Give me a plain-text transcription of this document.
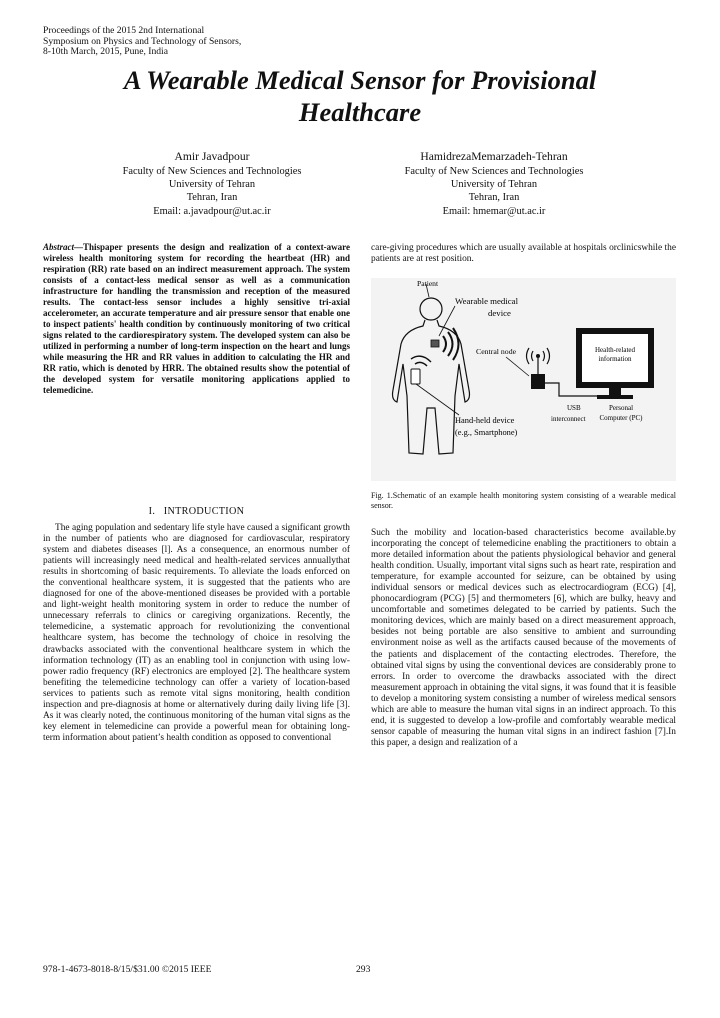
Proceedings of the 2015 2nd International
Symposium on Physics and Technology of Sensors,
8-10th March, 2015, Pune, India
A Wearable Medical Sensor for Provisional
Healthcare
Amir Javadpour
Faculty of New Sciences and Technologies
University of Tehran
Tehran, Iran
Email: a.javadpour@ut.ac.ir
HamidrezaMemarzadeh-Tehran
Faculty of New Sciences and Technologies
University of Tehran
Tehran, Iran
Email: hmemar@ut.ac.ir
Abstract—Thispaper presents the design and realization of a context-aware wireless health monitoring system for recording the heartbeat (HR) and respiration (RR) rate based on an indirect measurement approach. The system consists of a contact-less medical sensor as well as a communication infrastructure for handling the transmission and reception of the measured results. The contact-less sensor includes a highly sensitive tri-axial accelerometer, an accurate temperature and air pressure sensor that enable one to inspect patients' health condition by continuously monitoring of two critical signs related to the cardiorespiratory system. The developed system can also be utilized in performing a number of long-term inspection on the heart and lungs while measuring the HR and RR values in addition to calculating the HR and RR ratio, which is denoted by HRR. The obtained results show the potential of the developed system for versatile monitoring applications applied to telemedicine.
I. INTRODUCTION
The aging population and sedentary life style have caused a significant growth in the number of patients who are diagnosed for cardiovascular, respiratory system and diabetes diseases [l]. As a consequence, an enormous number of patients will increasingly need medical and health-related services annuallythat results in shortcoming of basic requirements. To alleviate the loads enforced on the conventional healthcare system, it is suggested that the patients who are diagnosed for one of the above-mentioned diseases be provided with a portable and light-weight health monitoring system in order to reduce the number of unnecessary referrals to clinics or caregiving organizations. Recently, the telemedicine, a systematic approach for revolutionizing the conventional healthcare system, has become the technology of choice in resolving the drawbacks associated with the conventional healthcare system in which the information technology (IT) as an enabling tool in conjunction with using low-power radio frequency (RF) electronics are employed [2]. The healthcare system benefiting the telemedicine technology can offer a variety of location-based services to patients such as remote vital signs monitoring, health condition inspection and pre-diagnosis at home or alternatively during daily living life [3]. As it was clearly noted, the continuous monitoring of the human vital signs as the key element in telemedicine can provide a powerful mean for obtaining long-term information about patient’s health condition as opposed to conventional
care-giving procedures which are usually available at hospitals orclinicswhile the patients are at rest position.
Patient
Wearable medical
device
Central node	Health-related
information
USB
interconnect
Personal
Computer (PC)
Hand-held device
(e.g., Smartphone)
Fig. 1.Schematic of an example health monitoring system consisting of a wearable medical sensor.
Such the mobility and location-based characteristics become available.by incorporating the concept of telemedicine enabling the practitioners to obtain a more detailed information about the patients physiological behavior and general health condition. Usually, important vital signs such as heart rate, respiration and temperature, for example accounted for seizure, can be obtained by using individual sensors or medical devices such as electrocardiogram (ECG) [4], phonocardiogram (PCG) [5] and thermometers [6], which are bulky, heavy and uncomfortable and sometimes delegated to be carried by patients. Such the monitoring devices, which are mainly based on a direct measurement approach, besides not being portable are also sensitive to ambient and surrounding environment noise as well as the artifacts caused because of the movements of the patients and displacement of the contacting electrodes. Therefore, the obtained vital signs by using the conventional devices are considerably prone to errors. In order to overcome the drawbacks associated with the direct measurement approach in obtaining the vital signs, it was found that it is feasible to develop a monitoring system consisting a number of wireless medical sensors which are able to measure the human vital signs in an indirect approach. To this end, it is suggested to develop a low-profile and comfortably wearable medical sensor capable of measuring the human vital signs in an indirect fashion [7].In this paper, a design and realization of a
978-1-4673-8018-8/15/$31.00 ©2015 IEEE	293
